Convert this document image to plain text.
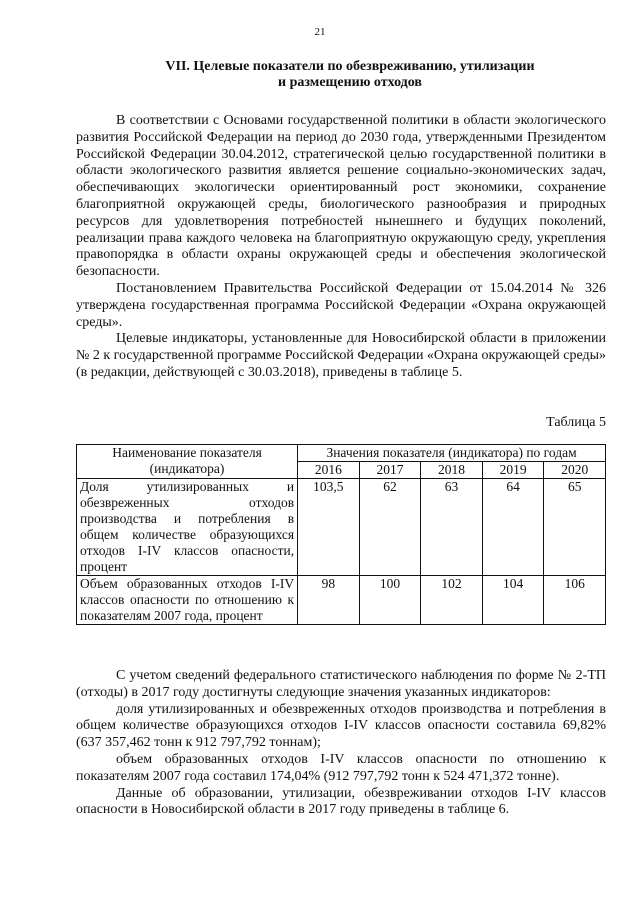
21
VII. Целевые показатели по обезвреживанию, утилизации
и размещению отходов

В соответствии с Основами государственной политики в области экологического развития Российской Федерации на период до 2030 года, утвержденными Президентом Российской Федерации 30.04.2012, стратегической целью государственной политики в области экологического развития является решение социально-экономических задач, обеспечивающих экологически ориентированный рост экономики, сохранение благоприятной окружающей среды, биологического разнообразия и природных ресурсов для удовлетворения потребностей нынешнего и будущих поколений, реализации права каждого человека на благоприятную окружающую среду, укрепления правопорядка в области охраны окружающей среды и обеспечения экологической безопасности.

Постановлением Правительства Российской Федерации от 15.04.2014 № 326 утверждена государственная программа Российской Федерации «Охрана окружающей среды».

Целевые индикаторы, установленные для Новосибирской области в приложении № 2 к государственной программе Российской Федерации «Охрана окружающей среды» (в редакции, действующей с 30.03.2018), приведены в таблице 5.

Таблица 5
Наименование показателя (индикатора)	Значения показателя (индикатора) по годам				
	2016	2017	2018	2019	2020
Доля утилизированных и обезвреженных отходов производства и потребления в общем количестве образующихся отходов I-IV классов опасности, процент	103,5	62	63	64	65
Объем образованных отходов I-IV классов опасности по отношению к показателям 2007 года, процент	98	100	102	104	106

С учетом сведений федерального статистического наблюдения по форме № 2-ТП (отходы) в 2017 году достигнуты следующие значения указанных индикаторов:

доля утилизированных и обезвреженных отходов производства и потребления в общем количестве образующихся отходов I-IV классов опасности составила 69,82% (637 357,462 тонн к 912 797,792 тоннам);

объем образованных отходов I-IV классов опасности по отношению к показателям 2007 года составил 174,04% (912 797,792 тонн к 524 471,372 тонне).

Данные об образовании, утилизации, обезвреживании отходов I-IV классов опасности в Новосибирской области в 2017 году приведены в таблице 6.
